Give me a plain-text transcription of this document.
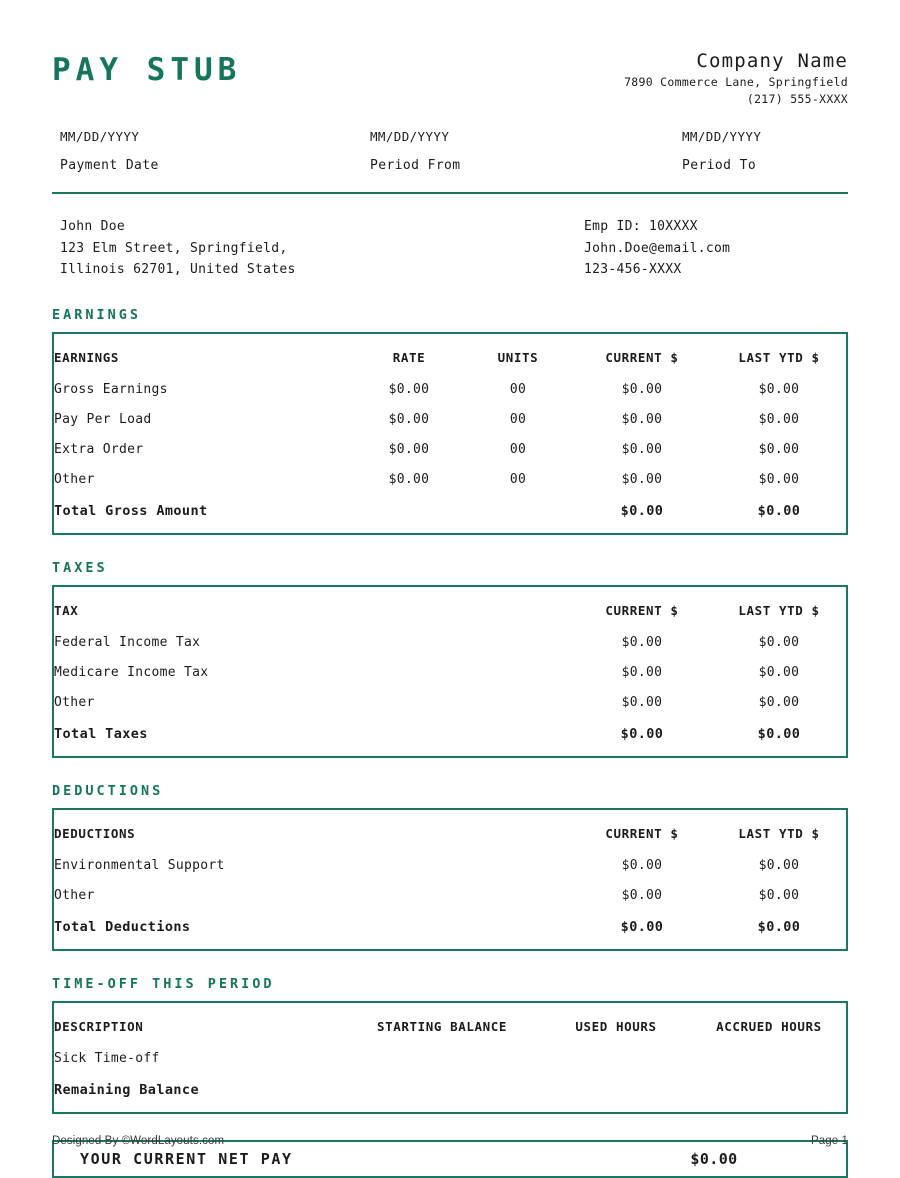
PAY STUB	Company Name
7890 Commerce Lane, Springfield
(217) 555-XXXX
MM/DD/YYYY
Payment Date
MM/DD/YYYY
Period From
MM/DD/YYYY
Period To
John Doe
123 Elm Street, Springfield,
Illinois 62701, United States
Emp ID: 10XXXX
John.Doe@email.com
123-456-XXXX
EARNINGS
EARNINGS	RATE	UNITS	CURRENT $	LAST YTD $
Gross Earnings	$0.00	00	$0.00	$0.00
Pay Per Load	$0.00	00	$0.00	$0.00
Extra Order	$0.00	00	$0.00	$0.00
Other	$0.00	00	$0.00	$0.00
Total Gross Amount			$0.00	$0.00
TAXES
TAX	CURRENT $	LAST YTD $
Federal Income Tax	$0.00	$0.00
Medicare Income Tax	$0.00	$0.00
Other	$0.00	$0.00
Total Taxes	$0.00	$0.00
DEDUCTIONS
DEDUCTIONS	CURRENT $	LAST YTD $
Environmental Support	$0.00	$0.00
Other	$0.00	$0.00
Total Deductions	$0.00	$0.00
TIME-OFF THIS PERIOD
DESCRIPTION	STARTING BALANCE	USED HOURS	ACCRUED HOURS
Sick Time-off			
Remaining Balance			
YOUR CURRENT NET PAY	$0.00
Designed By ©WordLayouts.com	Page 1
